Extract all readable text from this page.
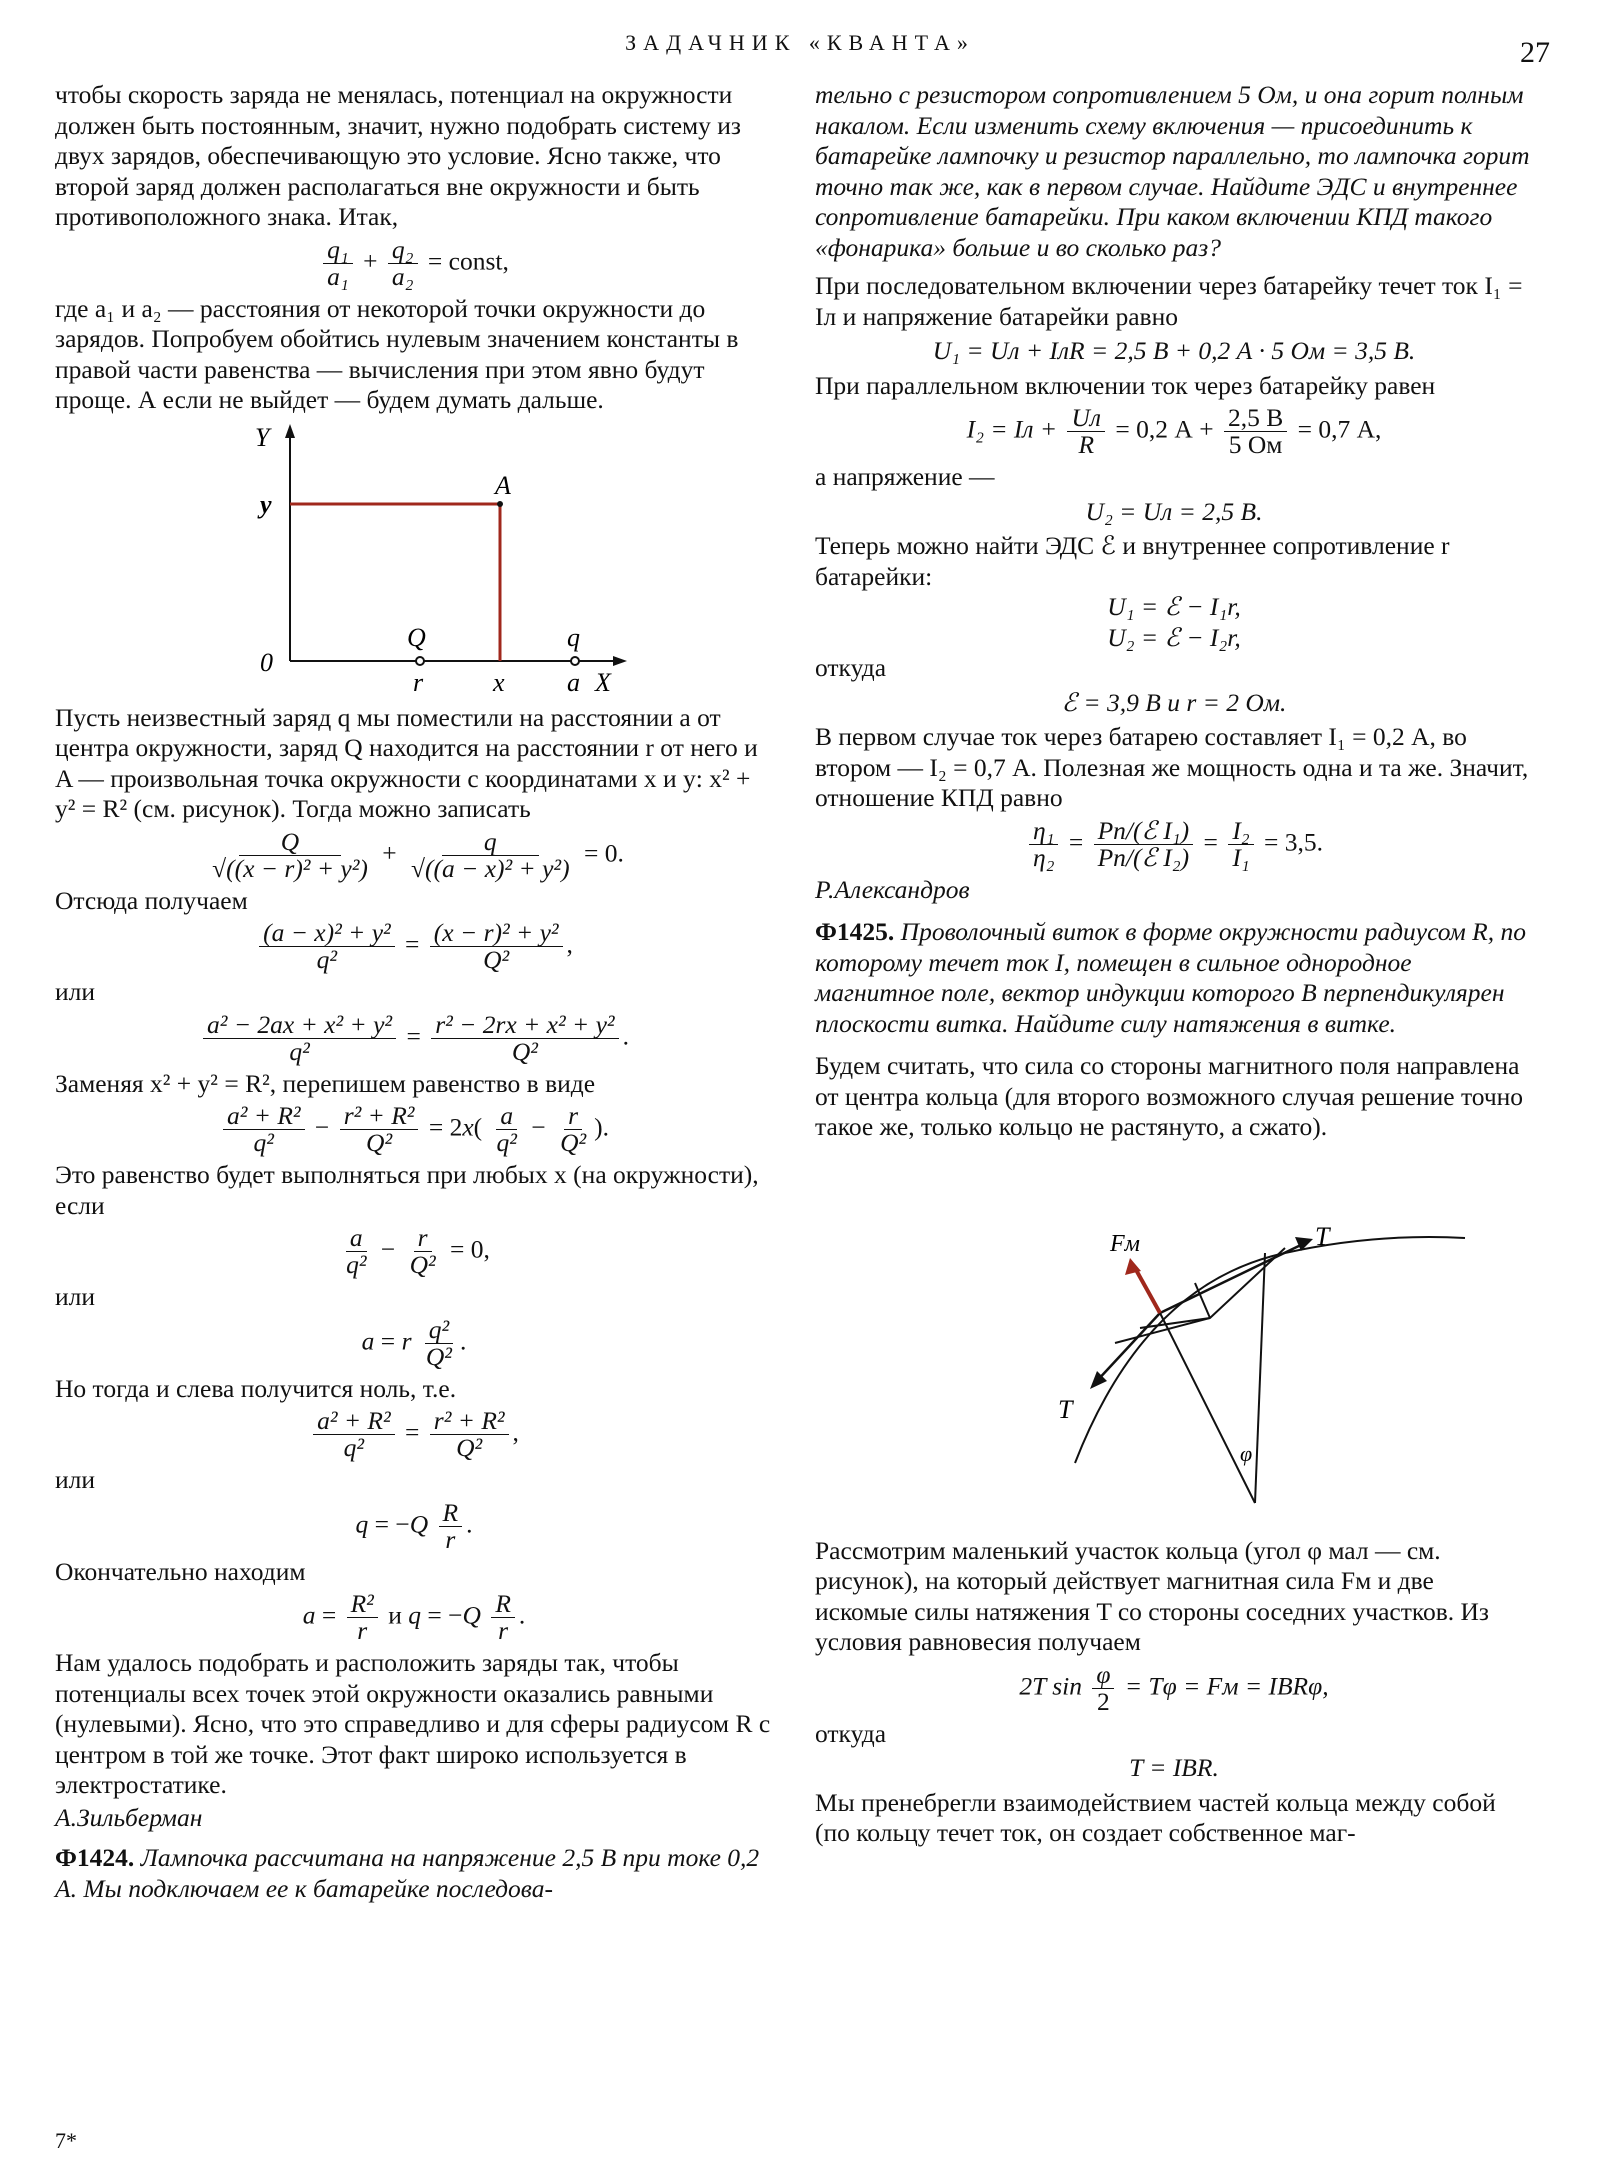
ЗАДАЧНИК «КВАНТА»	27

чтобы скорость заряда не менялась, потенциал на окружности должен быть постоянным, значит, нужно подобрать систему из двух зарядов, обеспечивающую это условие. Ясно также, что второй заряд должен располагаться вне окружности и быть противоположного знака. Итак,

$\frac{\text{q₁}}{\text{a₁}} + \frac{\text{q₂}}{\text{a₂}}$ = const,

где a₁ и a₂ — расстояния от некоторой точки окружности до зарядов. Попробуем обойтись нулевым значением константы в правой части равенства — вычисления при этом явно будут проще. А если не выйдет — будем думать дальше.

Y
y
A
0
Q	q
r	x a X

Пусть неизвестный заряд q мы поместили на расстоянии a от центра окружности, заряд Q находится на расстоянии r от него и A — произвольная точка окружности с координатами x и y: x² + y² = R² (см. рисунок). Тогда можно записать

$\frac{Q}{\text{√((x − r)² + y²)}} + \frac{q}{\text{√((a − x)² + y²)}} = 0$.

Отсюда получаем

$\frac{\text{(a − x)² + y²}}{\text{q²}} = \frac{\text{(x − r)² + y²}}{\text{Q²}}$ ,

или

$\frac{\text{a² − 2ax + x² + y²}}{\text{q²}} = \frac{\text{r² − 2rx + x² + y²}}{\text{Q²}}$ .

Заменяя x² + y² = R², перепишем равенство в виде

$\frac{\text{a² + R²}}{\text{q²}} - \frac{\text{r² + R²}}{\text{Q²}} = 2x( \frac{a}{\text{q²}} - \frac{r}{\text{Q²}}$ ).

Это равенство будет выполняться при любых x (на окружности), если

$\frac{a}{\text{q²}} - \frac{r}{\text{Q²}} = 0$,

или

a = r $\frac{\text{q²}}{\text{Q²}}$ .

Но тогда и слева получится ноль, т.е.

$\frac{\text{a² + R²}}{\text{q²}} = \frac{\text{r² + R²}}{\text{Q²}}$ ,

или

$q = -Q \frac{R}{r}$ .

Окончательно находим

$a = \frac{\text{R²}}{r}$ и $q = -Q \frac{R}{r}$ .

Нам удалось подобрать и расположить заряды так, чтобы потенциалы всех точек этой окружности оказались равными (нулевыми). Ясно, что это справедливо и для сферы радиусом R с центром в той же точке. Этот факт широко используется в электростатике.

А.Зильберман

Ф1424. Лампочка рассчитана на напряжение 2,5 В при токе 0,2 А. Мы подключаем ее к батарейке последова-

тельно с резистором сопротивлением 5 Ом, и она горит полным накалом. Если изменить схему включения — присоединить к батарейке лампочку и резистор параллельно, то лампочка горит точно так же, как в первом случае. Найдите ЭДС и внутреннее сопротивление батарейки. При каком включении КПД такого «фонарика» больше и во сколько раз?

При последовательном включении через батарейку течет ток I₁ = Iл и напряжение батарейки равно

U₁ = Uл + IлR = 2,5 В + 0,2 А · 5 Ом = 3,5 В.

При параллельном включении ток через батарейку равен

I₂ = Iл + $\frac{Uл}{R} = 0,2$ $А + \frac{2,5 В}{5 Ом} = 0,7$ А,

а напряжение —

U₂ = Uл = 2,5 В.

Теперь можно найти ЭДС ℰ и внутреннее сопротивление r батарейки:

U₁ = ℰ − I₁r,
U₂ = ℰ − I₂r,

откуда

ℰ = 3,9 В и r = 2 Ом.

В первом случае ток через батарею составляет I₁ = 0,2 А, во втором — I₂ = 0,7 А. Полезная же мощность одна и та же. Значит, отношение КПД равно

$\frac{\text{η₁}}{\text{η₂}} = \frac{\text{Pп/(ℰ I₁)}}{\text{Pп/(ℰ I₂)}} = \frac{\text{I₂}}{\text{I₁}} = 3,5$.

Р.Александров

Ф1425. Проволочный виток в форме окружности радиусом R, по которому течет ток I, помещен в сильное однородное магнитное поле, вектор индукции которого B перпендикулярен плоскости витка. Найдите силу натяжения в витке.

Будем считать, что сила со стороны магнитного поля направлена от центра кольца (для второго возможного случая решение точно такое же, только кольцо не растянуто, а сжато).

Fм	T
T
φ

Рассмотрим маленький участок кольца (угол φ мал — см. рисунок), на который действует магнитная сила Fм и две искомые силы натяжения T со стороны соседних участков. Из условия равновесия получаем

2T $\sin \frac{\varphi}{2} = T\varphi$ = Fм = IBRφ,

откуда

T = IBR.

Мы пренебрегли взаимодействием частей кольца между собой (по кольцу течет ток, он создает собственное маг-

7*
